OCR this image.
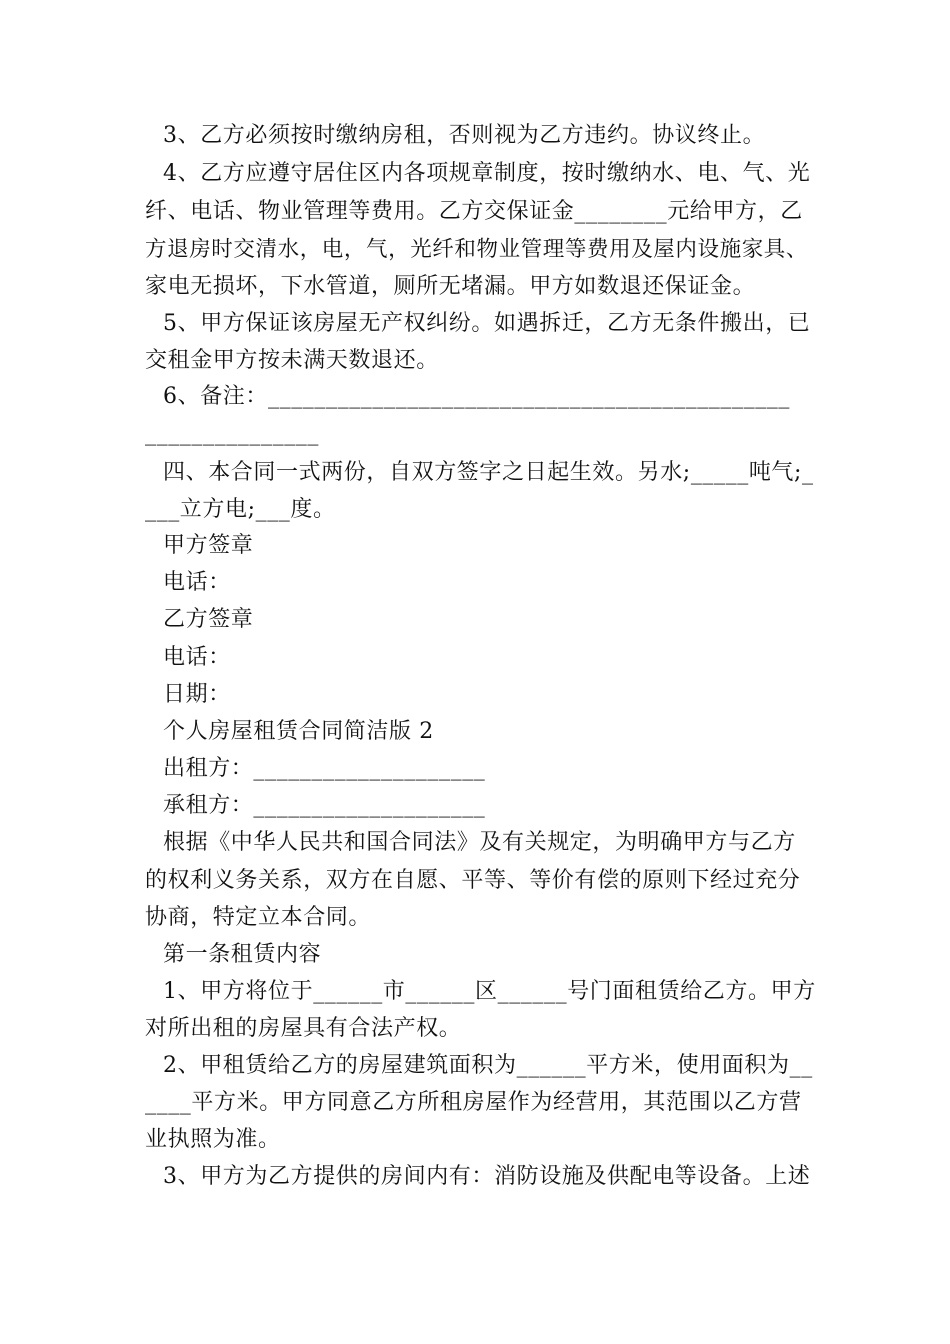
3、乙方必须按时缴纳房租，否则视为乙方违约。协议终止。
4、乙方应遵守居住区内各项规章制度，按时缴纳水、电、气、光
纤、电话、物业管理等费用。乙方交保证金________元给甲方，乙
方退房时交清水，电，气，光纤和物业管理等费用及屋内设施家具、
家电无损坏，下水管道，厕所无堵漏。甲方如数退还保证金。
5、甲方保证该房屋无产权纠纷。如遇拆迁，乙方无条件搬出，已
交租金甲方按未满天数退还。
6、备注：_____________________________________________
_______________
四、本合同一式两份，自双方签字之日起生效。另水;_____吨气;_
___立方电;___度。
甲方签章
电话：
乙方签章
电话：
日期：
个人房屋租赁合同简洁版 2
出租方：____________________
承租方：____________________
根据《中华人民共和国合同法》及有关规定，为明确甲方与乙方
的权利义务关系，双方在自愿、平等、等价有偿的原则下经过充分
协商，特定立本合同。
第一条租赁内容
1、甲方将位于______市______区______号门面租赁给乙方。甲方
对所出租的房屋具有合法产权。
2、甲租赁给乙方的房屋建筑面积为______平方米，使用面积为__
____平方米。甲方同意乙方所租房屋作为经营用，其范围以乙方营
业执照为准。
3、甲方为乙方提供的房间内有：消防设施及供配电等设备。上述
